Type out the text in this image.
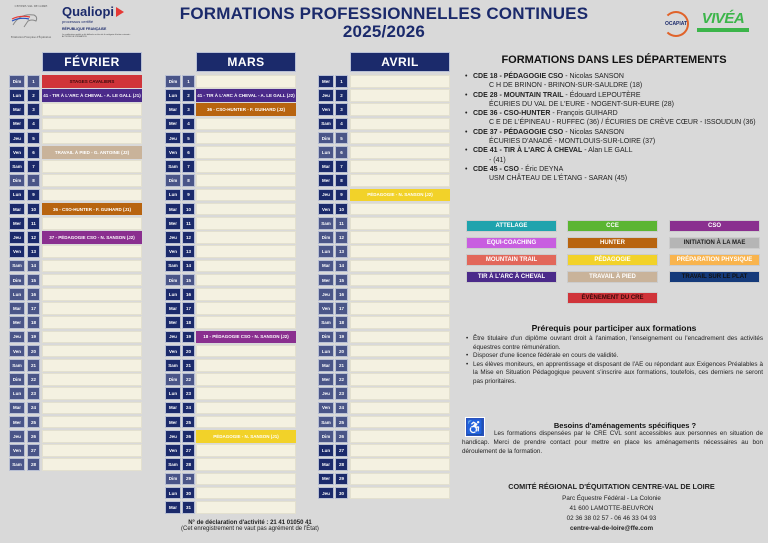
CENTRE-VAL DE LOIRE
Fédération Française d'Équitation
Qualiopi
processus certifié
RÉPUBLIQUE FRANÇAISE
La certification qualité a été délivrée au titre de la catégorie d'action suivante : ACTIONS DE FORMATION
FORMATIONS PROFESSIONNELLES CONTINUES
2025/2026	OCAPIAT VIVÉA
FÉVRIER
Dim	1	STAGES CAVALIERS
Lun	2	41 - TIR À L'ARC À CHEVAL - A. LE GALL (J1)
Mar	3
Mer	4
Jeu	5
Ven	6	TRAVAIL À PIED - G. ANTOINE (J2)
Sam	7
Dim	8
Lun	9
Mar	10	36 - CSO-HUNTER - F. GUIHARD (J1)
Mer	11
Jeu	12	37 - PÉDAGOGIE CSO - N. SANSON (J2)
Ven	13
Sam	14
Dim	15
Lun	16
Mar	17
Mer	18
Jeu	19
Ven	20
Sam	21
Dim	22
Lun	23
Mar	24
Mer	25
Jeu	26
Ven	27
Sam	28
MARS
Dim	1
Lun	2	41 - TIR À L'ARC À CHEVAL - A. LE GALL (J2)
Mar	3	36 - CSO-HUNTER - F. GUIHARD (J2)
Mer	4
Jeu	5
Ven	6
Sam	7
Dim	8
Lun	9
Mar	10
Mer	11
Jeu	12
Ven	13
Sam	14
Dim	15
Lun	16
Mar	17
Mer	18
Jeu	19	18 - PÉDAGOGIE CSO - N. SANSON (J2)
Ven	20
Sam	21
Dim	22
Lun	23
Mar	24
Mer	25
Jeu	26	PÉDAGOGIE - N. SANSON (J1)
Ven	27
Sam	28
Dim	29
Lun	30
Mar	31
AVRIL
Mer	1
Jeu	2
Ven	3
Sam	4
Dim	5
Lun	6
Mar	7
Mer	8
Jeu	9	PÉDAGOGIE - N. SANSON (J2)
Ven	10
Sam	11
Dim	12
Lun	13
Mar	14
Mer	15
Jeu	16
Ven	17
Sam	18
Dim	19
Lun	20
Mar	21
Mer	22
Jeu	23
Ven	24
Sam	25
Dim	26
Lun	27
Mar	28
Mer	29
Jeu	30
N° de déclaration d'activité : 21 41 01050 41
(Cet enregistrement ne vaut pas agrément de l'État)
FORMATIONS DANS LES DÉPARTEMENTS
• CDE 18 - PÉDAGOGIE CSO - Nicolas SANSON
C H DE BRINON - BRINON-SUR-SAULDRE (18)
• CDE 28 - MOUNTAIN TRAIL - Édouard LEPOUTÈRE
ÉCURIES DU VAL DE L'EURE - NOGENT-SUR-EURE (28)
• CDE 36 - CSO-HUNTER - François GUIHARD
C E DE L'ÉPINEAU - RUFFEC (36) / ÉCURIES DE CRÈVE CŒUR - ISSOUDUN (36)
• CDE 37 - PÉDAGOGIE CSO - Nicolas SANSON
ÉCURIES D'ANADÉ - MONTLOUIS-SUR-LOIRE (37)
• CDE 41 - TIR À L'ARC À CHEVAL - Alan LE GALL
- (41)
• CDE 45 - CSO - Éric DEYNA
USM CHÂTEAU DE L'ÉTANG - SARAN (45)
ATTELAGE	CCE	CSO
EQUI-COACHING	HUNTER	INITIATION À LA MAE
MOUNTAIN TRAIL	PÉDAGOGIE	PRÉPARATION PHYSIQUE
TIR À L'ARC À CHEVAL	TRAVAIL À PIED	TRAVAIL SUR LE PLAT
ÉVÈNEMENT DU CRE
Prérequis pour participer aux formations
• Être titulaire d'un diplôme ouvrant droit à l'animation, l'enseignement ou l'encadrement des activités équestres contre rémunération.
• Disposer d'une licence fédérale en cours de validité.
• Les élèves moniteurs, en apprentissage et disposant de l'AE ou répondant aux Exigences Préalables à la Mise en Situation Pédagogique peuvent s'inscrire aux formations, toutefois, ces derniers ne seront pas prioritaires.
♿	Besoins d'aménagements spécifiques ?
Les formations dispensées par le CRE CVL sont accessibles aux personnes en situation de handicap. Merci de prendre contact pour mettre en place les aménagements nécessaires au bon déroulement de la formation.
COMITÉ RÉGIONAL D'ÉQUITATION CENTRE-VAL DE LOIRE
Parc Équestre Fédéral - La Colonie
41 600 LAMOTTE-BEUVRON
02 36 38 02 57 - 06 46 33 04 93
centre-val-de-loire@ffe.com
